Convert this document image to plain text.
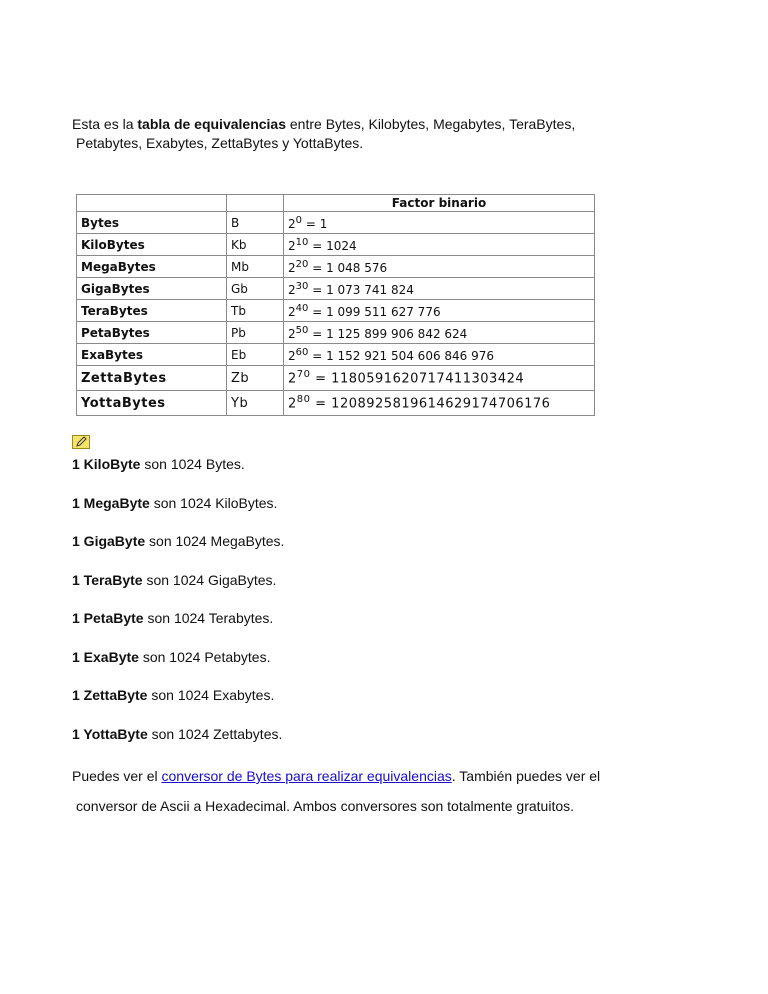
Esta es la tabla de equivalencias entre Bytes, Kilobytes, Megabytes, TeraBytes,
Petabytes, Exabytes, ZettaBytes y YottaBytes.
		Factor binario
Bytes	B	$2^0 = 1$
KiloBytes	Kb	$2^{10} = 1024$
MegaBytes	Mb	$2^{20} = 1$ 048 576
GigaBytes	Gb	$2^{30} = 1$ 073 741 824
TeraBytes	Tb	$2^{40} = 1$ 099 511 627 776
PetaBytes	Pb	$2^{50} = 1$ 125 899 906 842 624
ExaBytes	Eb	$2^{60} = 1$ 152 921 504 606 846 976
ZettaBytes	Zb	$2^{70} = 1180591620717411303424$
YottaBytes	Yb	$2^{80} = 1208925819614629174706176$
1 KiloByte son 1024 Bytes.
1 MegaByte son 1024 KiloBytes.
1 GigaByte son 1024 MegaBytes.
1 TeraByte son 1024 GigaBytes.
1 PetaByte son 1024 Terabytes.
1 ExaByte son 1024 Petabytes.
1 ZettaByte son 1024 Exabytes.
1 YottaByte son 1024 Zettabytes.
Puedes ver el conversor de Bytes para realizar equivalencias. También puedes ver el
conversor de Ascii a Hexadecimal. Ambos conversores son totalmente gratuitos.
